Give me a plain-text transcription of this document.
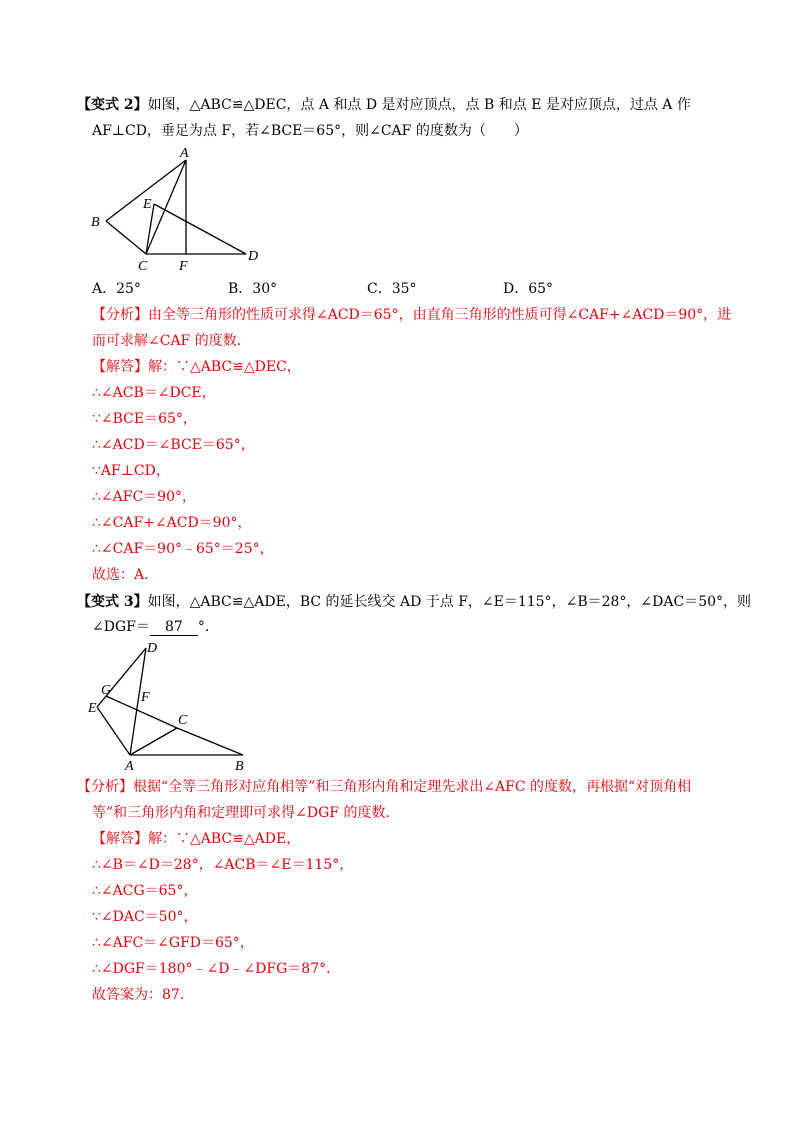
【变式 2】如图，△ABC≌△DEC，点 A 和点 D 是对应顶点，点 B 和点 E 是对应顶点，过点 A 作
AF⊥CD，垂足为点 F，若∠BCE＝65°，则∠CAF 的度数为（　　）
A
B
C
D
E
F
A．25°	B．30°	C．35°	D．65°
【分析】由全等三角形的性质可求得∠ACD＝65°，由直角三角形的性质可得∠CAF+∠ACD＝90°，进
而可求解∠CAF 的度数．
【解答】解：∵△ABC≌△DEC，
∴∠ACB＝∠DCE，
∵∠BCE＝65°，
∴∠ACD＝∠BCE＝65°，
∵AF⊥CD，
∴∠AFC＝90°，
∴∠CAF+∠ACD＝90°，
∴∠CAF＝90°﹣65°＝25°，
故选：A．
【变式 3】如图，△ABC≌△ADE，BC 的延长线交 AD 于点 F，∠E＝115°，∠B＝28°，∠DAC＝50°，则
∠DGF＝ 87 °．
D
G F
E
C
A	B
【分析】根据“全等三角形对应角相等”和三角形内角和定理先求出∠AFC 的度数，再根据“对顶角相
等”和三角形内角和定理即可求得∠DGF 的度数．
【解答】解：∵△ABC≌△ADE，
∴∠B＝∠D＝28°，∠ACB＝∠E＝115°，
∴∠ACG＝65°，
∵∠DAC＝50°，
∴∠AFC＝∠GFD＝65°，
∴∠DGF＝180°﹣∠D﹣∠DFG＝87°．
故答案为：87．
